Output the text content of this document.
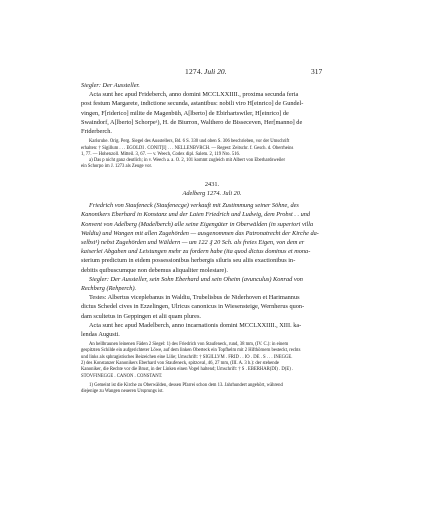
1274. Juli 20.	317

Siegler: Der Aussteller.

Acta sunt hec apud Frideberch, anno domini MCCLXXIIII., proxima secunda feria

post festum Margarete, indictione secunda, astantibus: nobili viro H[einrico] de Gundel-

vingen, F[riderico] milite de Magenbüh, A[lberto] de Ebirhartswiler, H[einrico] de

Swaindorf, A[lberto] Schorpeᵃ), H. de Biurron, Walthero de Bisseceven, Her[manno] de

Friderberch.

Karlsruhe. Orig. Perg. Siegel des Ausstellers, Bd. 6 S. 330 und oben S. 306 beschrieben, vor der Umschrift

erhalten: † Sigillum . . . EGOLDI . CONIT[I] . . . NELLENBVRCH. — Regest: Zeitschr. f. Gesch. d. Oberrheins

1, 77. — Hohenzoll. Mitteil. 3, 67. — v. Weech, Codex dipl. Salem. 2, 119 Nro. 516.

a) Das p nicht ganz deutlich; in v. Weech a. a. O. 2, 101 kommt zugleich mit Albert von Eberhardsweiler

ein Schorpo im J. 1273 als Zeuge vor.

2431.

Adelberg 1274. Juli 20.

Friedrich von Staufeneck (Staufenecge) verkauft mit Zustimmung seiner Söhne, des

Kanonikers Eberhard in Konstanz und der Laien Friedrich und Ludwig, dem Probst . . und

Konvent von Adelberg (Madelberch) alle seine Eigengüter in Oberwälden (in superiori villa

Waldiu) und Wangen mit allen Zugehörden — ausgenommen das Patronatrecht der Kirche da-

selbst¹) nebst Zugehörden und Wäldern — um 122 ₰ 20 Sch. als freies Eigen, von dem er

kaiserlei Abgaben und Leistungen mehr zu fordern habe (ita quod dictus dominus et mona-

sterium predictum in eidem possessionibus herbergis siluris seu aliis exactionibus in-

debitis quibuscumque non debemus aliqualiter molestare).

Siegler: Der Aussteller, sein Sohn Eberhard und sein Oheim (avunculus) Konrad von

Rechberg (Rehperch).

Testes: Albertus viceplebanus in Waldiu, Trubelisbus de Niderhoven et Harimannus

dictus Schedel cives in Ezzelingen, Ulricus canonicus in Wiesensteige, Wernherus quon-

dam scultetus in Geppingen et alii quam plures.

Acta sunt hec apud Madelberch, anno incarnationis domini MCCLXXIIII., XIII. ka-

lendas Augusti.

An hellbraunen leinenen Fäden 2 Siegel: 1) des Friedrich von Staufeneck, rund, 38 mm, (IV. C.): in einem

gespitzten Schilde ein aufgerichteter Löwe, auf dem linken Oberteck ein Topfhelm mit 2 Hifthörnern besteckt, rechts

und links als sphragistisches Beizeichen eine Lilie; Umschrift: † SIGILLVM . FRID . . IO . DE . S . . . INEGGE.

2) des Konstanzer Kanonikers Eberhard von Staufeneck, spitzoval, 46, 27 mm, (III. A. 3 b.): der stehende

Kanoniker, die Rechte vor die Brust, in der Linken einen Vogel haltend; Umschrift: † S . EBERHAR(DI) . D(E) .

STOVFINEGGE . CANON . CONSTANT.

1) Gemeint ist die Kirche zu Oberwälden, dessen Pfarrei schon dem 13. Jahrhundert angehört, während

diejenige zu Wangen neueren Ursprungs ist.
